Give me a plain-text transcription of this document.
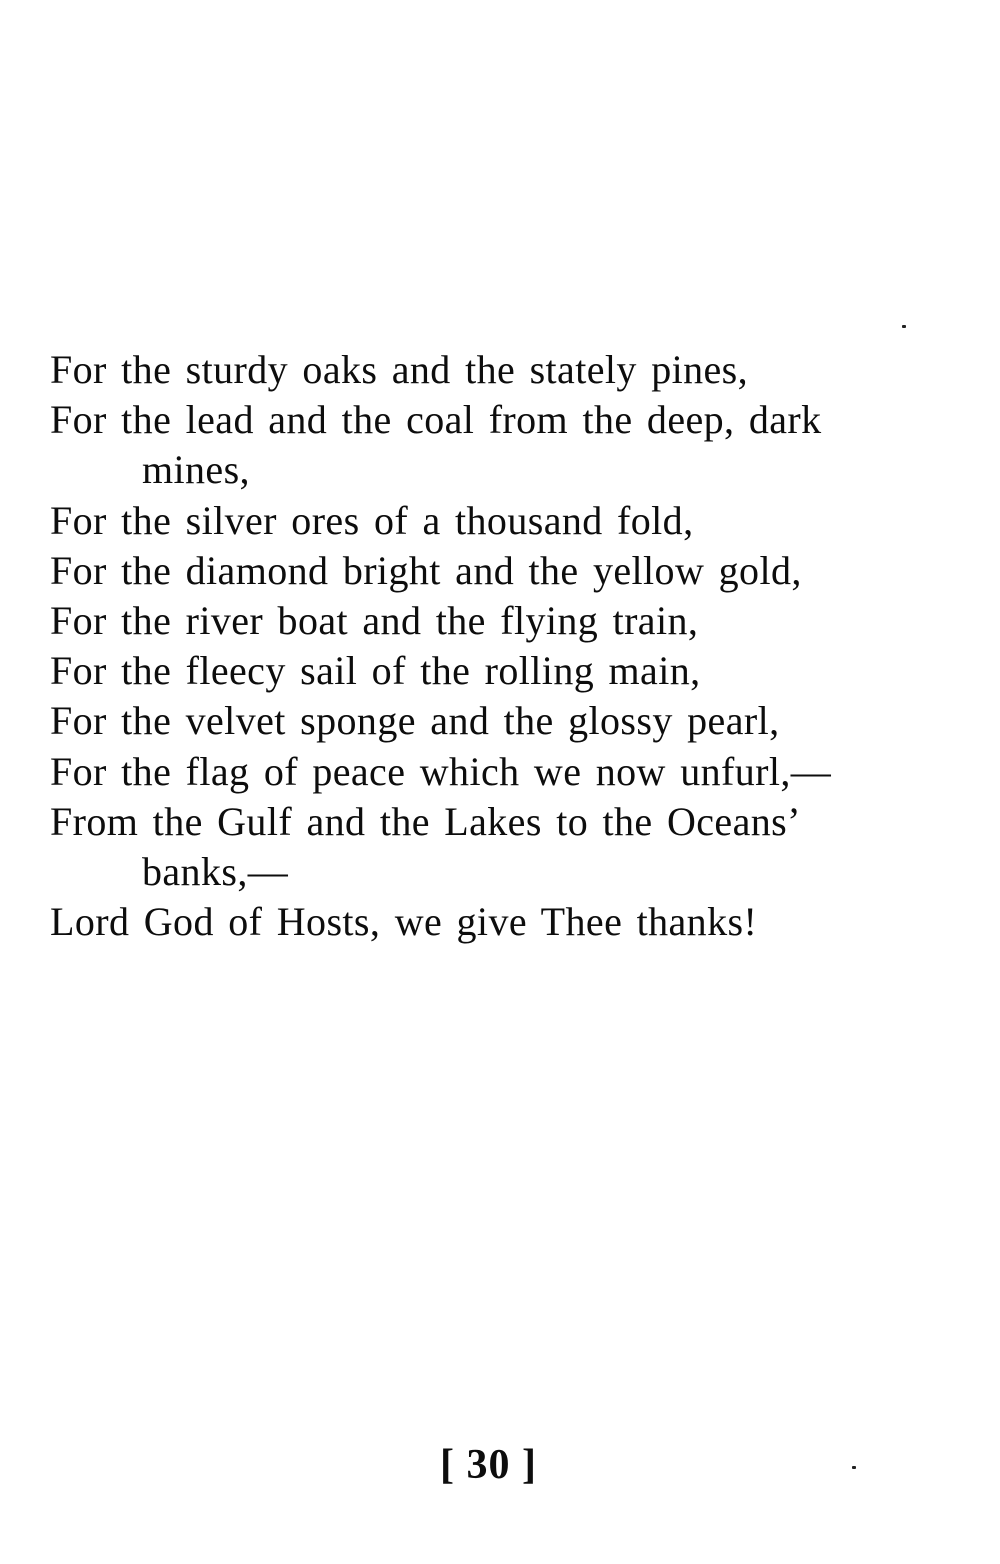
For the sturdy oaks and the stately pines,
For the lead and the coal from the deep, dark
mines,
For the silver ores of a thousand fold,
For the diamond bright and the yellow gold,
For the river boat and the flying train,
For the fleecy sail of the rolling main,
For the velvet sponge and the glossy pearl,
For the flag of peace which we now unfurl,—
From the Gulf and the Lakes to the Oceans’
banks,—
Lord God of Hosts, we give Thee thanks!
[ 30 ]
